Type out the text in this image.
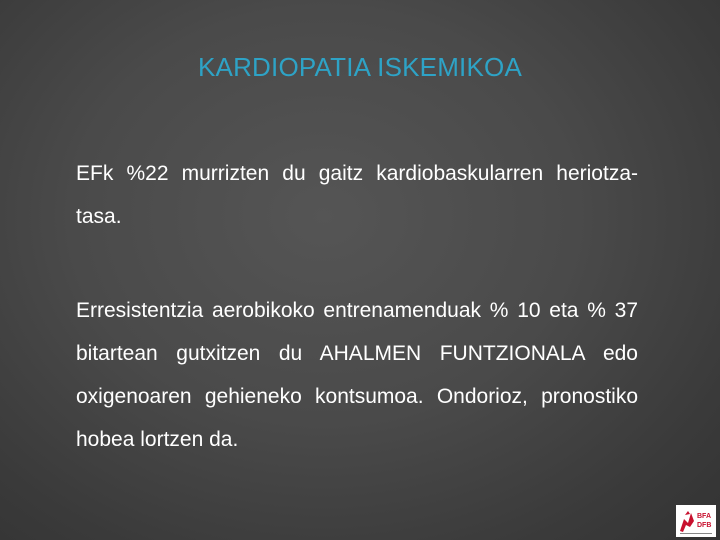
KARDIOPATIA ISKEMIKOA

EFk %22 murrizten du gaitz kardiobaskularren heriotza-tasa.

Erresistentzia aerobikoko entrenamenduak % 10 eta % 37 bitartean gutxitzen du AHALMEN FUNTZIONALA edo oxigenoaren gehieneko kontsumoa. Ondorioz, pronostiko hobea lortzen da.

BFA
DFB
